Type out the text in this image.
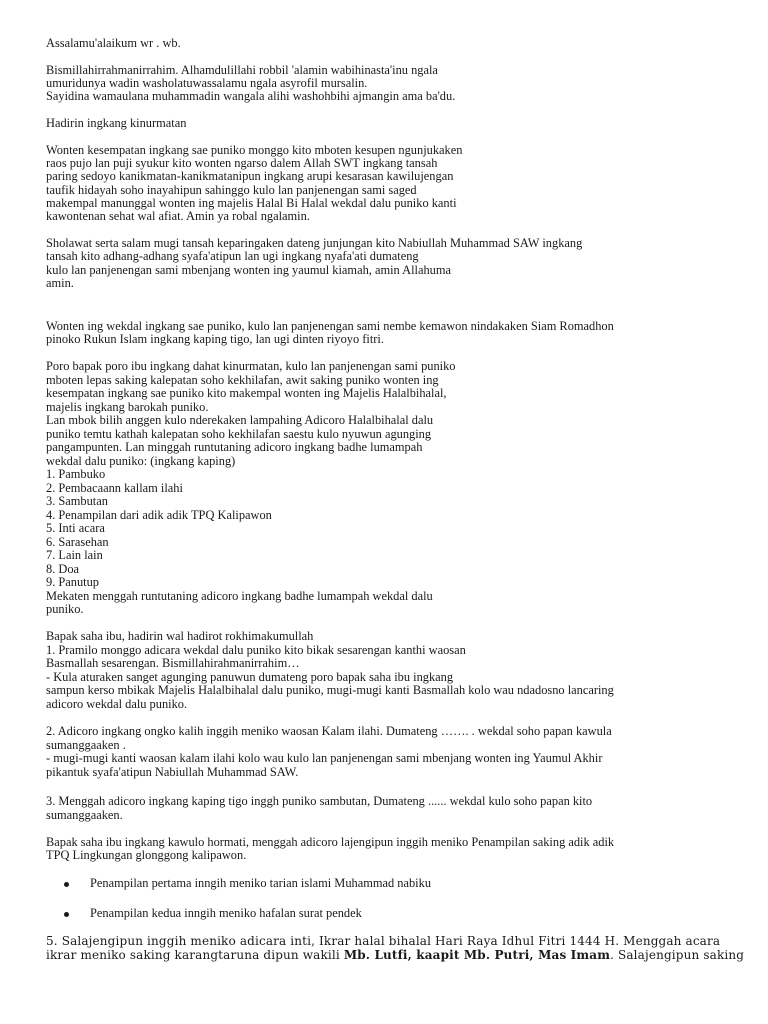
Assalamu'alaikum wr . wb.
Bismillahirrahmanirrahim. Alhamdulillahi robbil 'alamin wabihinasta'inu ngala
umuridunya wadin washolatuwassalamu ngala asyrofil mursalin.
Sayidina wamaulana muhammadin wangala alihi washohbihi ajmangin ama ba'du.
Hadirin ingkang kinurmatan
Wonten kesempatan ingkang sae puniko monggo kito mboten kesupen ngunjukaken
raos pujo lan puji syukur kito wonten ngarso dalem Allah SWT ingkang tansah
paring sedoyo kanikmatan-kanikmatanipun ingkang arupi kesarasan kawilujengan
taufik hidayah soho inayahipun sahinggo kulo lan panjenengan sami saged
makempal manunggal wonten ing majelis Halal Bi Halal wekdal dalu puniko kanti
kawontenan sehat wal afiat. Amin ya robal ngalamin.
Sholawat serta salam mugi tansah keparingaken dateng junjungan kito Nabiullah Muhammad SAW ingkang
tansah kito adhang-adhang syafa'atipun lan ugi ingkang nyafa'ati dumateng
kulo lan panjenengan sami mbenjang wonten ing yaumul kiamah, amin Allahuma
amin.
Wonten ing wekdal ingkang sae puniko, kulo lan panjenengan sami nembe kemawon nindakaken Siam Romadhon
pinoko Rukun Islam ingkang kaping tigo, lan ugi dinten riyoyo fitri.
Poro bapak poro ibu ingkang dahat kinurmatan, kulo lan panjenengan sami puniko
mboten lepas saking kalepatan soho kekhilafan, awit saking puniko wonten ing
kesempatan ingkang sae puniko kito makempal wonten ing Majelis Halalbihalal,
majelis ingkang barokah puniko.
Lan mbok bilih anggen kulo nderekaken lampahing Adicoro Halalbihalal dalu
puniko temtu kathah kalepatan soho kekhilafan saestu kulo nyuwun agunging
pangampunten. Lan minggah runtutaning adicoro ingkang badhe lumampah
wekdal dalu puniko: (ingkang kaping)
1. Pambuko
2. Pembacaann kallam ilahi
3. Sambutan
4. Penampilan dari adik adik TPQ Kalipawon
5. Inti acara
6. Sarasehan
7. Lain lain
8. Doa
9. Panutup
Mekaten menggah runtutaning adicoro ingkang badhe lumampah wekdal dalu
puniko.
Bapak saha ibu, hadirin wal hadirot rokhimakumullah
1. Pramilo monggo adicara wekdal dalu puniko kito bikak sesarengan kanthi waosan
Basmallah sesarengan. Bismillahirahmanirrahim…
- Kula aturaken sanget agunging panuwun dumateng poro bapak saha ibu ingkang
sampun kerso mbikak Majelis Halalbihalal dalu puniko, mugi-mugi kanti Basmallah kolo wau ndadosno lancaring
adicoro wekdal dalu puniko.
2. Adicoro ingkang ongko kalih inggih meniko waosan Kalam ilahi. Dumateng ……. . wekdal soho papan kawula
sumanggaaken .
- mugi-mugi kanti waosan kalam ilahi kolo wau kulo lan panjenengan sami mbenjang wonten ing Yaumul Akhir
pikantuk syafa'atipun Nabiullah Muhammad SAW.
3. Menggah adicoro ingkang kaping tigo inggh puniko sambutan, Dumateng ...... wekdal kulo soho papan kito
sumanggaaken.
Bapak saha ibu ingkang kawulo hormati, menggah adicoro lajengipun inggih meniko Penampilan saking adik adik
TPQ Lingkungan glonggong kalipawon.
Penampilan pertama inngih meniko tarian islami Muhammad nabiku
Penampilan kedua inngih meniko hafalan surat pendek
5. Salajengipun inggih meniko adicara inti, Ikrar halal bihalal Hari Raya Idhul Fitri 1444 H. Menggah acara
ikrar meniko saking karangtaruna dipun wakili Mb. Lutfi, kaapit Mb. Putri, Mas Imam. Salajengipun saking
